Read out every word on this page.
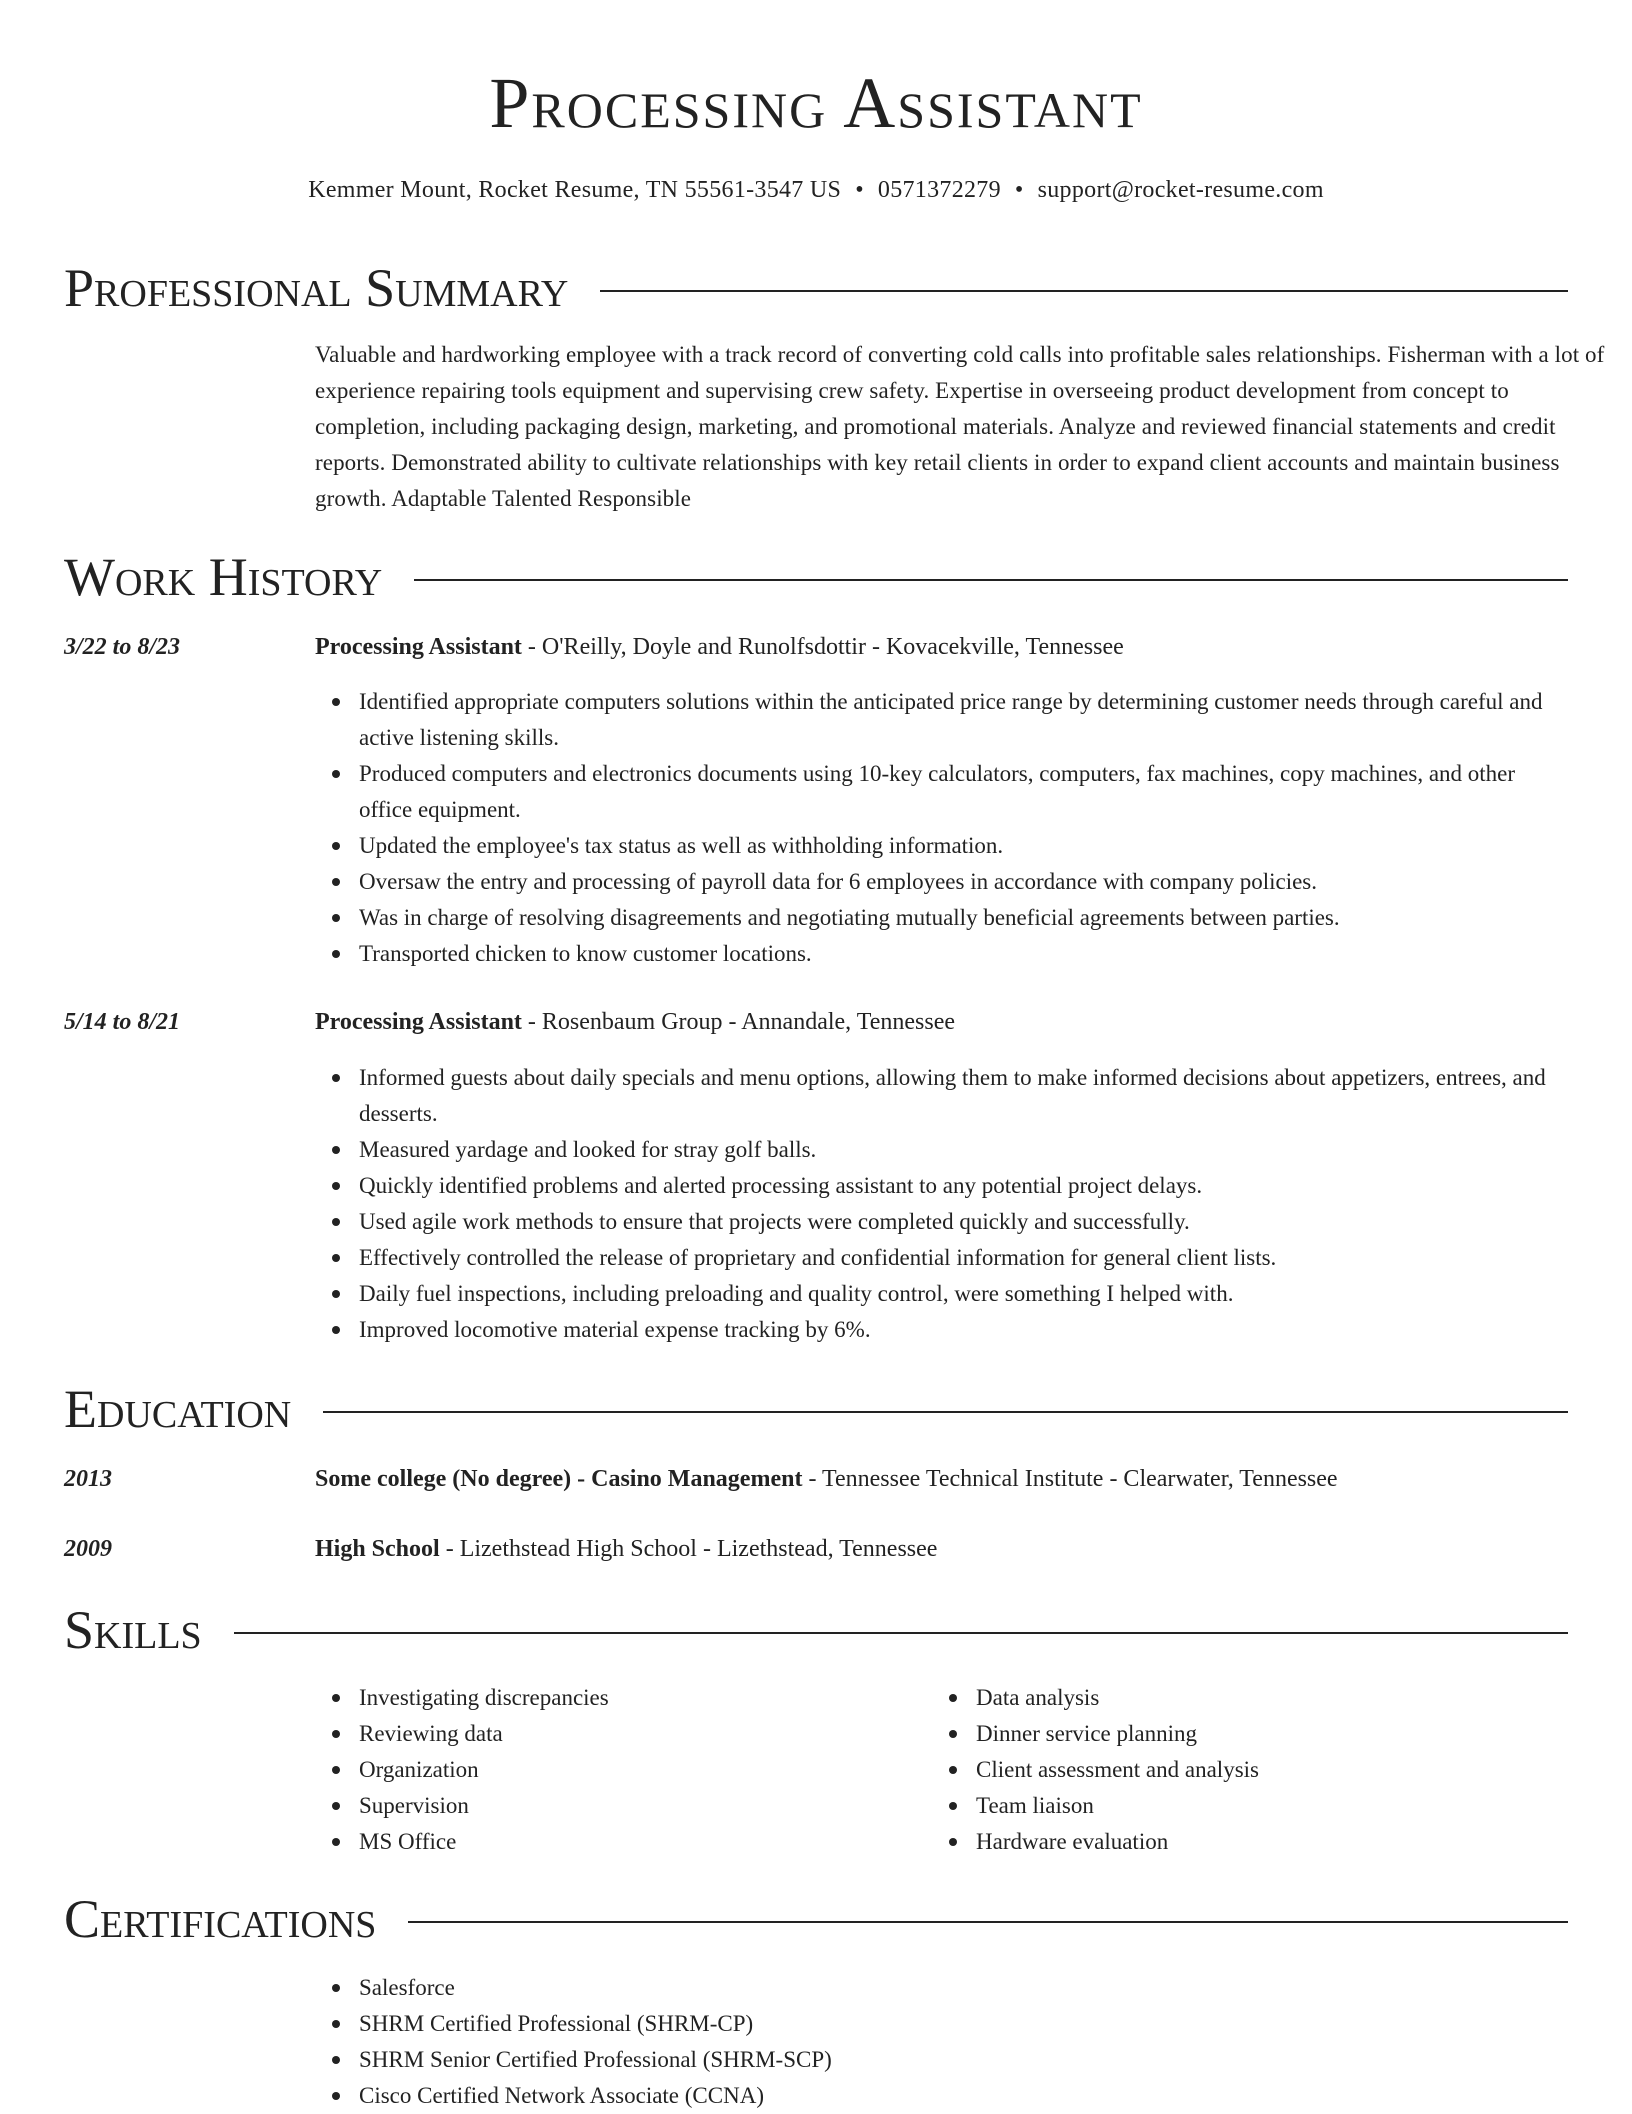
Processing Assistant
Kemmer Mount, Rocket Resume, TN 55561-3547 US • 0571372279 • support@rocket-resume.com
Professional Summary
Valuable and hardworking employee with a track record of converting cold calls into profitable sales relationships. Fisherman with a lot of experience repairing tools equipment and supervising crew safety. Expertise in overseeing product development from concept to completion, including packaging design, marketing, and promotional materials. Analyze and reviewed financial statements and credit reports. Demonstrated ability to cultivate relationships with key retail clients in order to expand client accounts and maintain business growth. Adaptable Talented Responsible
Work History
3/22 to 8/23	Processing Assistant - O'Reilly, Doyle and Runolfsdottir - Kovacekville, Tennessee
Identified appropriate computers solutions within the anticipated price range by determining customer needs through careful and active listening skills.
Produced computers and electronics documents using 10-key calculators, computers, fax machines, copy machines, and other office equipment.
Updated the employee's tax status as well as withholding information.
Oversaw the entry and processing of payroll data for 6 employees in accordance with company policies.
Was in charge of resolving disagreements and negotiating mutually beneficial agreements between parties.
Transported chicken to know customer locations.
5/14 to 8/21	Processing Assistant - Rosenbaum Group - Annandale, Tennessee
Informed guests about daily specials and menu options, allowing them to make informed decisions about appetizers, entrees, and desserts.
Measured yardage and looked for stray golf balls.
Quickly identified problems and alerted processing assistant to any potential project delays.
Used agile work methods to ensure that projects were completed quickly and successfully.
Effectively controlled the release of proprietary and confidential information for general client lists.
Daily fuel inspections, including preloading and quality control, were something I helped with.
Improved locomotive material expense tracking by 6%.
Education
2013	Some college (No degree) - Casino Management - Tennessee Technical Institute - Clearwater, Tennessee
2009	High School - Lizethstead High School - Lizethstead, Tennessee
Skills
Investigating discrepancies
Reviewing data
Organization
Supervision
MS Office
Data analysis
Dinner service planning
Client assessment and analysis
Team liaison
Hardware evaluation
Certifications
Salesforce
SHRM Certified Professional (SHRM-CP)
SHRM Senior Certified Professional (SHRM-SCP)
Cisco Certified Network Associate (CCNA)
